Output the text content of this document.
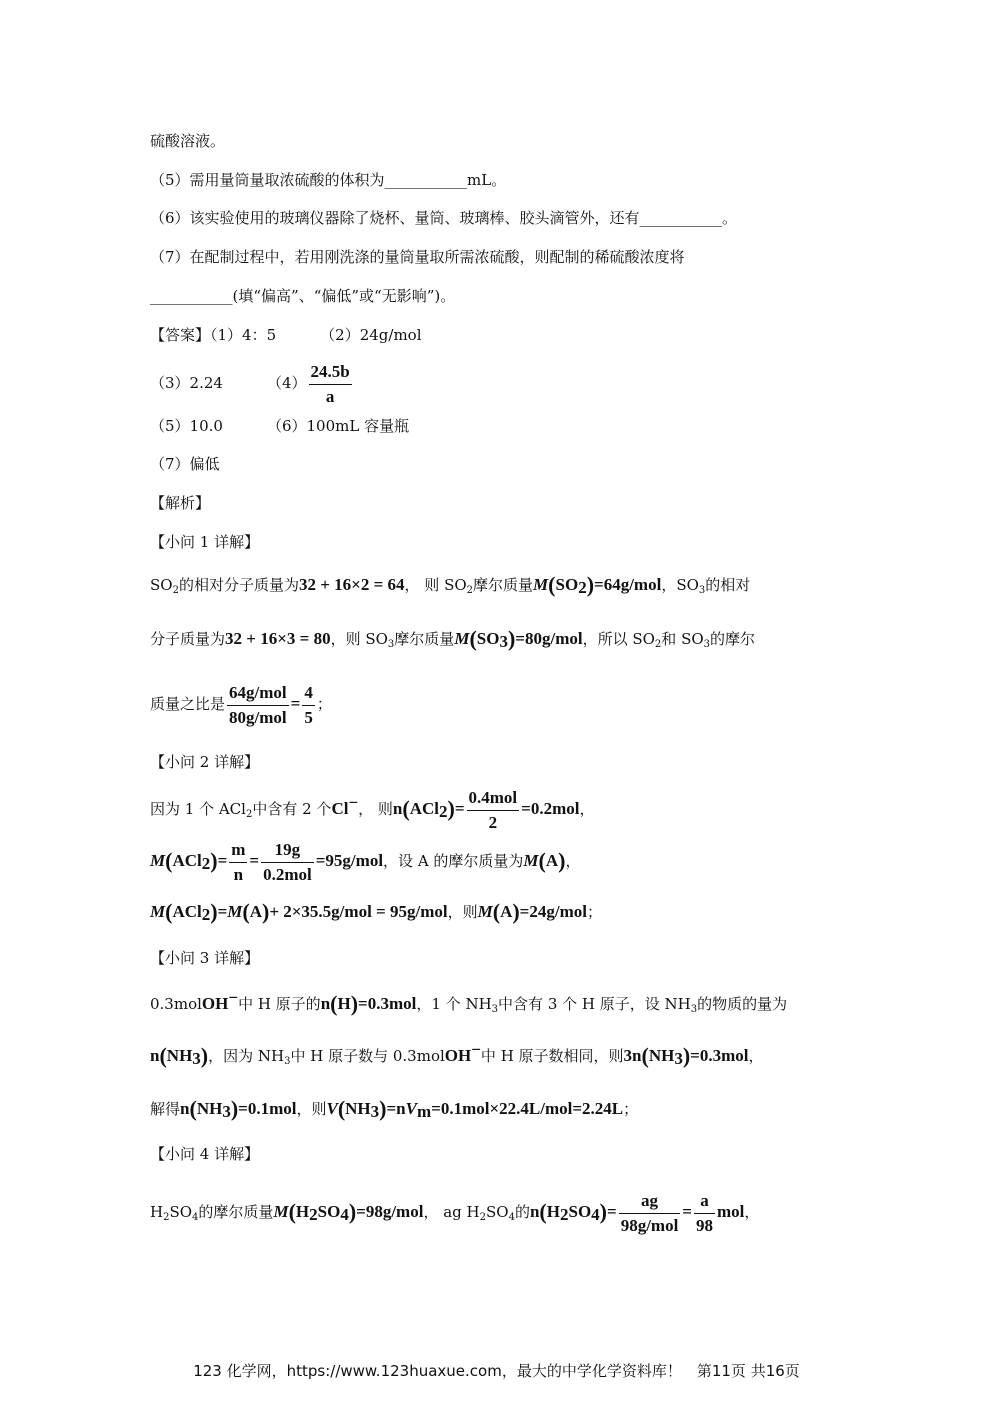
硫酸溶液。
（5）需用量筒量取浓硫酸的体积为___________mL。
（6）该实验使用的玻璃仪器除了烧杯、量筒、玻璃棒、胶头滴管外，还有___________。
（7）在配制过程中，若用刚洗涤的量筒量取所需浓硫酸，则配制的稀硫酸浓度将
___________(填“偏高”、“偏低”或“无影响”)。
【答案】（1）4：5	（2）24g/mol
（3）2.24	$(4) \frac{24.5b}{a}$
（5）10.0	（6）100mL 容量瓶
（7）偏低
【解析】
【小问 1 详解】
$SO_2$的相对分子质量为32 + 16×2 = 64， 则 $SO_2$摩尔质量$M(SO_2)=64g$/mol，$SO_3$的相对
分子质量为32 + 16×3 = 80，则 $SO_3$摩尔质量$M(SO_3)=80g$/mol，所以 $SO_2$和 $SO_3$的摩尔
质量之比是 $\frac{\text{64g/mol}}{\text{80g/mol}} = \frac{4}{5}$ ；
【小问 2 详解】
因为 1 个 ACl$_2$中含有 2 个Cl−， 则$n(ACl_2)= \frac{\text{0.4mol}}{2} =0.2mol$，
$M(ACl_2)= \frac{m}{n} = \frac{19g}{\text{0.2mol}} =95g/mol$，设 A 的摩尔质量为M(A)，
M(ACl$_2$)=M(A)+ 2×35.5g/mol = 95g/mol，则M(A)=24g/mol；
【小问 3 详解】
0.3molOH−中 H 原子的n(H)=0.3mol，1 个 $NH_3$中含有 3 个 H 原子，设 $NH_3$的物质的量为
$n(NH_3)$，因为 $NH_3$中 H 原子数与 0.3molOH−中 H 原子数相同，则$3n(NH_3)=0.3mol$，
解得$n(NH_3)=0.1mol$，则$V(NH_3)=nV_m=0.1mol\times 22.4L/mol=2.24L$；
【小问 4 详解】
$H_2SO_4$的摩尔质量$M(H_2SO_4)=98g$/mol， ag $H_2SO_4$的$n(H_2SO_4)= \frac{ag}{\text{98g/mol}} = \frac{a}{98}$ mol，
123 化学网，https://www.123huaxue.com，最大的中学化学资料库！　第11页 共16页
